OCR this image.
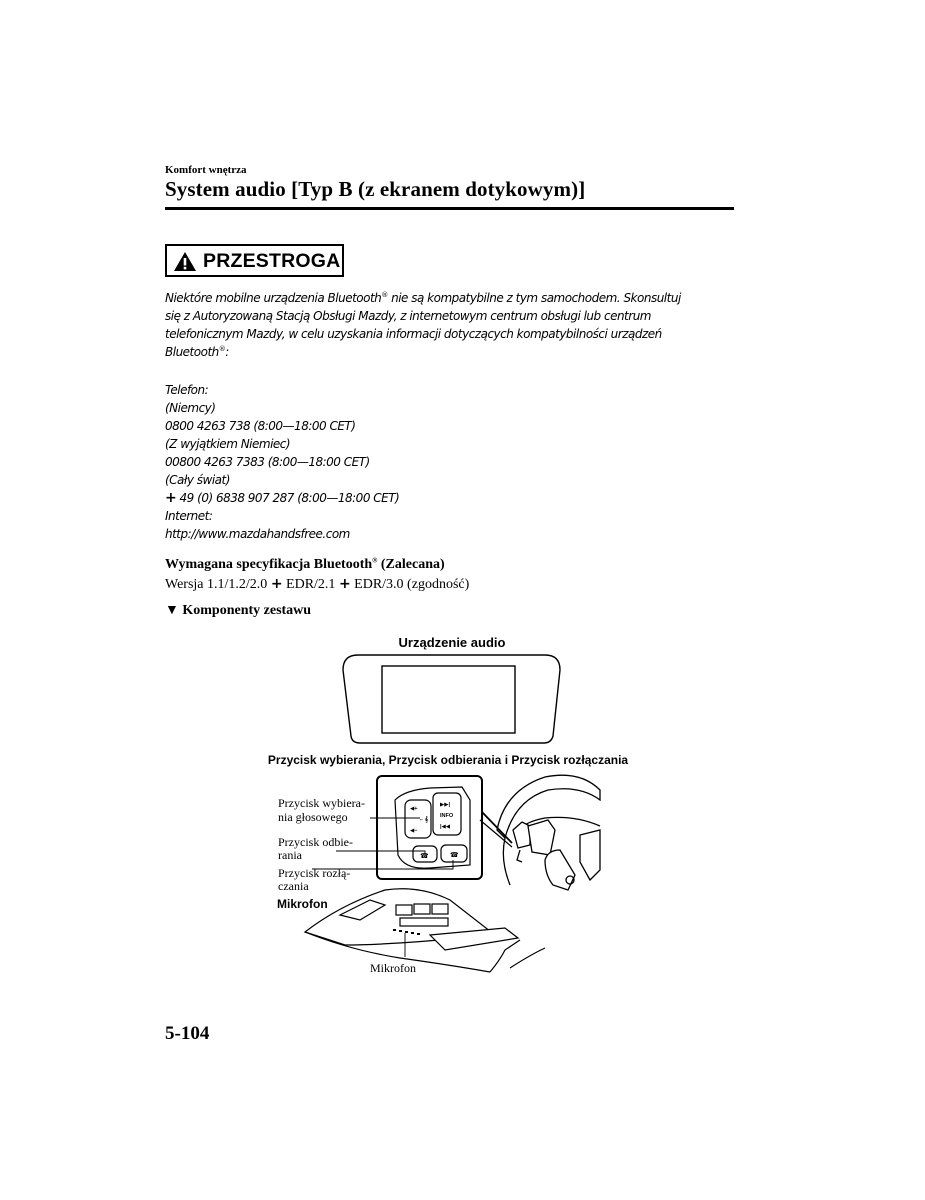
Komfort wnętrza
System audio [Typ B (z ekranem dotykowym)]
PRZESTROGA
Niektóre mobilne urządzenia Bluetooth® nie są kompatybilne z tym samochodem. Skonsultuj
się z Autoryzowaną Stacją Obsługi Mazdy, z internetowym centrum obsługi lub centrum
telefonicznym Mazdy, w celu uzyskania informacji dotyczących kompatybilności urządzeń
Bluetooth®:
Telefon:
(Niemcy)
0800 4263 738 (8:00—18:00 CET)
(Z wyjątkiem Niemiec)
00800 4263 7383 (8:00—18:00 CET)
(Cały świat)
+ 49 (0) 6838 907 287 (8:00—18:00 CET)
Internet:
http://www.mazdahandsfree.com
Wymagana specyfikacja Bluetooth® (Zalecana)
Wersja 1.1/1.2/2.0 + EDR/2.1 + EDR/3.0 (zgodność)
▼ Komponenty zestawu
Urządzenie audio
Przycisk wybierania, Przycisk odbierania i Przycisk rozłączania
◀+
◀−
⌐ 𝄞
▶▶|
INFO
|◀◀
☎	☎
Przycisk wybiera-
nia głosowego
Przycisk odbie-
rania
Przycisk rozłą-
czania
Mikrofon
Mikrofon
5-104
